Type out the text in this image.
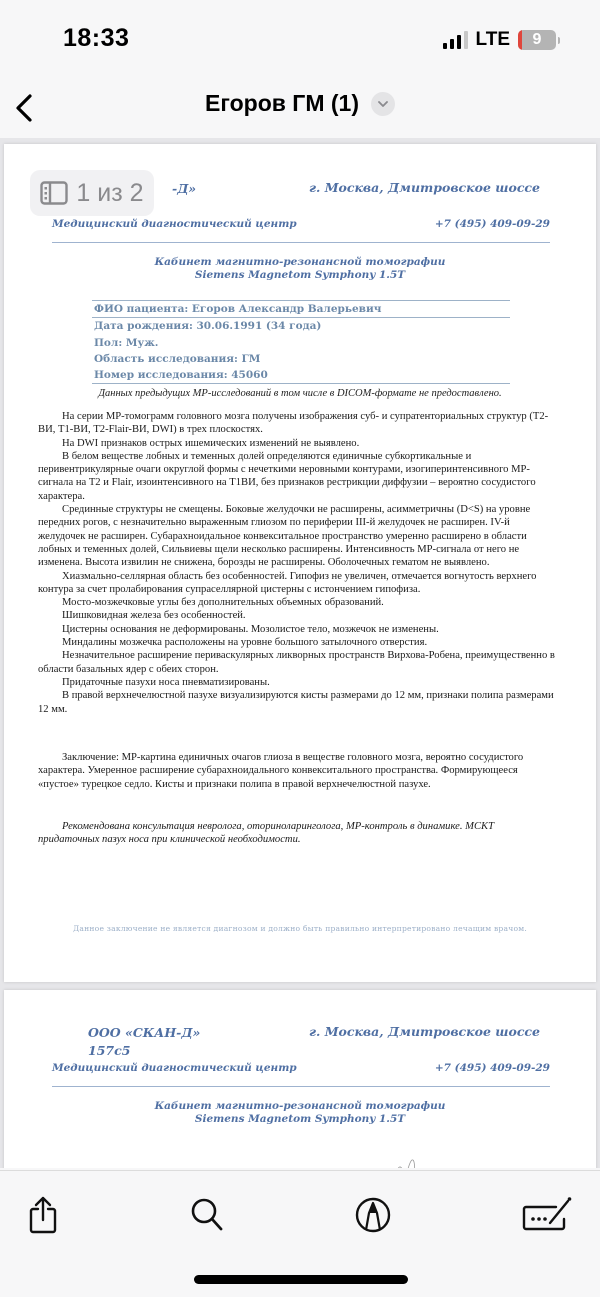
18:33	LTE 9
Егоров ГМ (1)
-Д»	г. Москва, Дмитровское шоссе
Медицинский диагностический центр	+7 (495) 409-09-29
Кабинет магнитно-резонансной томографии
Siemens Magnetom Symphony 1.5T
ФИО пациента: Егоров Александр Валерьевич
Дата рождения: 30.06.1991 (34 года)
Пол: Муж.
Область исследования: ГМ
Номер исследования: 45060
Данных предыдущих МР-исследований в том числе в DICOM-формате не предоставлено.

На серии МР-томограмм головного мозга получены изображения суб- и супратенториальных структур (Т2-ВИ, Т1-ВИ, Т2-Flair-ВИ, DWI) в трех плоскостях.

На DWI признаков острых ишемических изменений не выявлено.

В белом веществе лобных и теменных долей определяются единичные субкортикальные и перивентрикулярные очаги округлой формы с нечеткими неровными контурами, изогиперинтенсивного МР-сигнала на Т2 и Flair, изоинтенсивного на Т1ВИ, без признаков рестрикции диффузии – вероятно сосудистого характера.

Срединные структуры не смещены. Боковые желудочки не расширены, асимметричны (D<S) на уровне передних рогов, с незначительно выраженным глиозом по периферии III-й желудочек не расширен. IV-й желудочек не расширен. Субарахноидальное конвекситальное пространство умеренно расширено в области лобных и теменных долей, Сильвиевы щели несколько расширены. Интенсивность МР-сигнала от него не изменена. Высота извилин не снижена, борозды не расширены. Оболочечных гематом не выявлено.

Хиазмально-селлярная область без особенностей. Гипофиз не увеличен, отмечается вогнутость верхнего контура за счет пролабирования супраселлярной цистерны с истончением гипофиза.

Мосто-мозжечковые углы без дополнительных объемных образований.

Шишковидная железа без особенностей.

Цистерны основания не деформированы. Мозолистое тело, мозжечок не изменены.

Миндалины мозжечка расположены на уровне большого затылочного отверстия.

Незначительное расширение периваскулярных ликворных пространств Вирхова-Робена, преимущественно в области базальных ядер с обеих сторон.

Придаточные пазухи носа пневматизированы.

В правой верхнечелюстной пазухе визуализируются кисты размерами до 12 мм, признаки полипа размерами 12 мм.

Заключение: МР-картина единичных очагов глиоза в веществе головного мозга, вероятно сосудистого характера. Умеренное расширение субарахноидального конвекситального пространства. Формирующееся «пустое» турецкое седло. Кисты и признаки полипа в правой верхнечелюстной пазухе.
Рекомендована консультация невролога, оториноларинголога, МР-контроль в динамике. МСКТ придаточных пазух носа при клинической необходимости.
Данное заключение не является диагнозом и должно быть правильно интерпретировано лечащим врачом.
ООО «СКАН-Д»
157с5
г. Москва, Дмитровское шоссе
Медицинский диагностический центр	+7 (495) 409-09-29
Кабинет магнитно-резонансной томографии
Siemens Magnetom Symphony 1.5T
1 из 2
